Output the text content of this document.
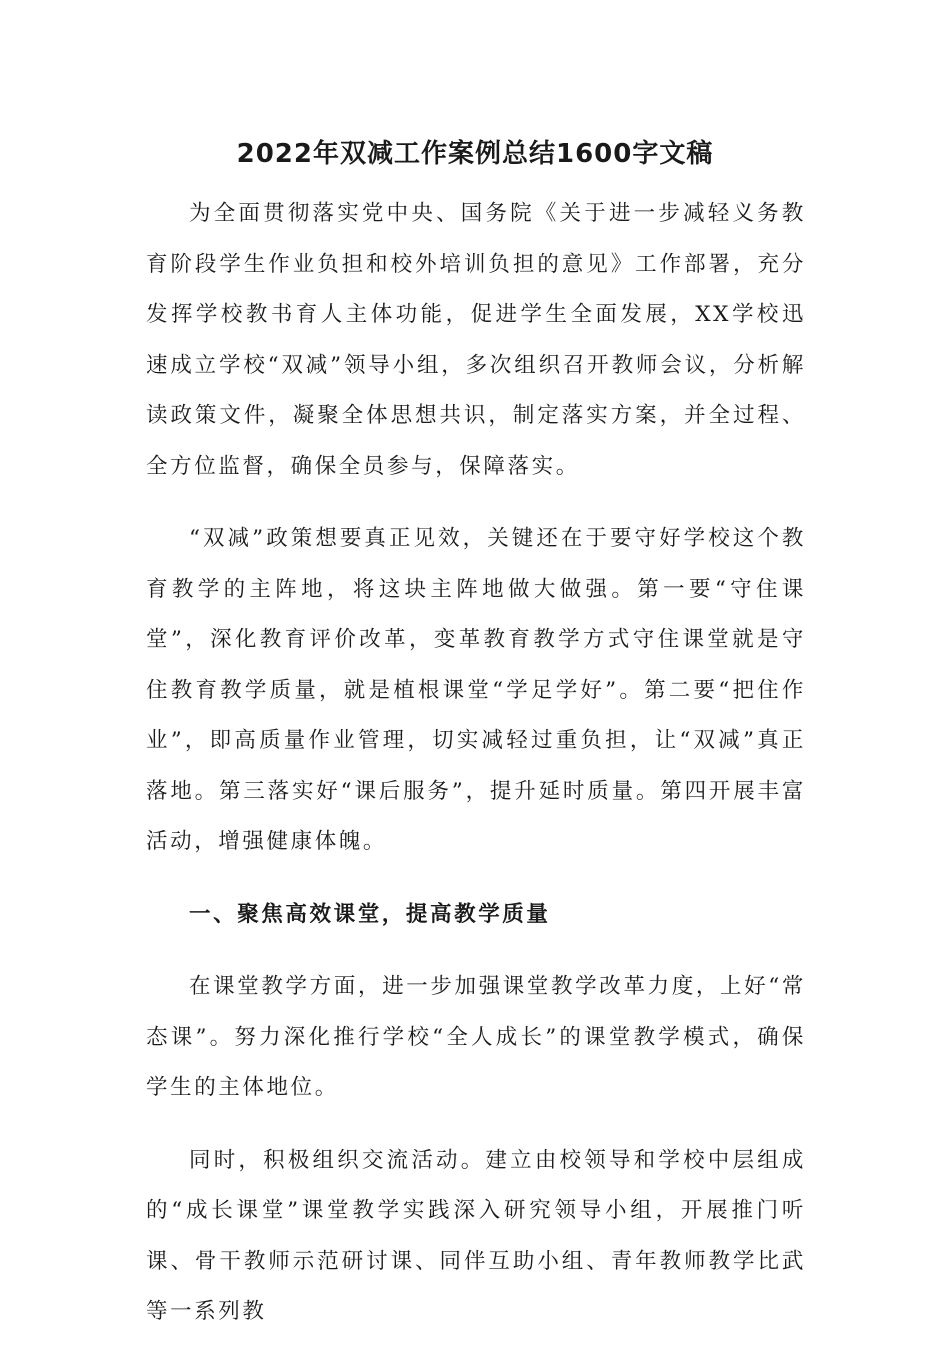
2022年双减工作案例总结1600字文稿

为全面贯彻落实党中央、国务院《关于进一步减轻义务教育阶段学生作业负担和校外培训负担的意见》工作部署，充分发挥学校教书育人主体功能，促进学生全面发展，XX学校迅速成立学校“双减”领导小组，多次组织召开教师会议，分析解读政策文件，凝聚全体思想共识，制定落实方案，并全过程、全方位监督，确保全员参与，保障落实。

“双减”政策想要真正见效，关键还在于要守好学校这个教育教学的主阵地，将这块主阵地做大做强。第一要“守住课堂”，深化教育评价改革，变革教育教学方式守住课堂就是守住教育教学质量，就是植根课堂“学足学好”。第二要“把住作业”，即高质量作业管理，切实减轻过重负担，让“双减”真正落地。第三落实好“课后服务”，提升延时质量。第四开展丰富活动，增强健康体魄。

一、聚焦高效课堂，提高教学质量

在课堂教学方面，进一步加强课堂教学改革力度，上好“常态课”。努力深化推行学校“全人成长”的课堂教学模式，确保学生的主体地位。

同时，积极组织交流活动。建立由校领导和学校中层组成的“成长课堂”课堂教学实践深入研究领导小组，开展推门听课、骨干教师示范研讨课、同伴互助小组、青年教师教学比武等一系列教
